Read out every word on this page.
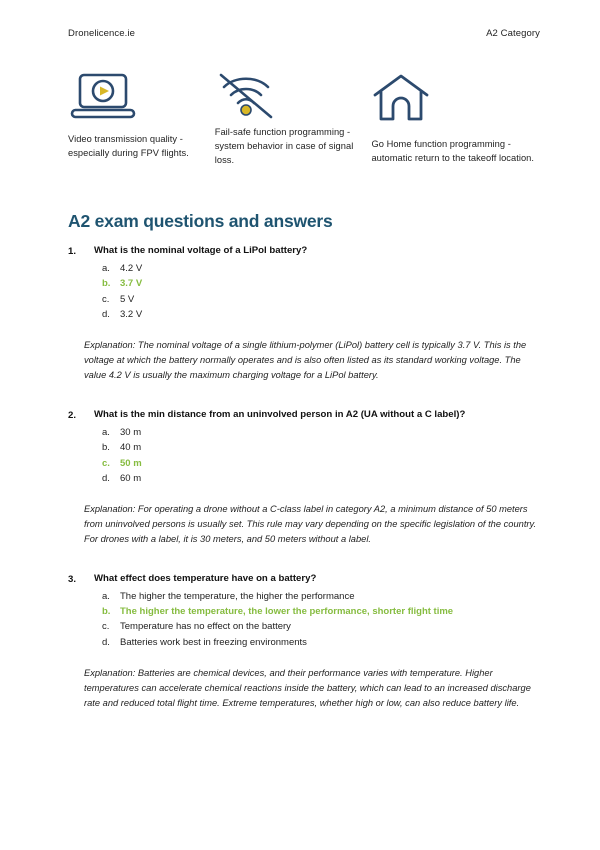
Dronelicence.ie	A2 Category
Video transmission quality - especially during FPV flights.
Fail-safe function programming - system behavior in case of signal loss.
Go Home function programming - automatic return to the takeoff location.
A2 exam questions and answers
1.	What is the nominal voltage of a LiPol battery?
a.	4.2 V
b.	3.7 V
c.	5 V
d.	3.2 V
Explanation: The nominal voltage of a single lithium-polymer (LiPol) battery cell is typically 3.7 V. This is the voltage at which the battery normally operates and is also often listed as its standard working voltage. The value 4.2 V is usually the maximum charging voltage for a LiPol battery.
2.	What is the min distance from an uninvolved person in A2 (UA without a C label)?
a.	30 m
b.	40 m
c.	50 m
d.	60 m
Explanation: For operating a drone without a C-class label in category A2, a minimum distance of 50 meters from uninvolved persons is usually set. This rule may vary depending on the specific legislation of the country. For drones with a label, it is 30 meters, and 50 meters without a label.
3.	What effect does temperature have on a battery?
a.	The higher the temperature, the higher the performance
b.	The higher the temperature, the lower the performance, shorter flight time
c.	Temperature has no effect on the battery
d.	Batteries work best in freezing environments
Explanation: Batteries are chemical devices, and their performance varies with temperature. Higher temperatures can accelerate chemical reactions inside the battery, which can lead to an increased discharge rate and reduced total flight time. Extreme temperatures, whether high or low, can also reduce battery life.
